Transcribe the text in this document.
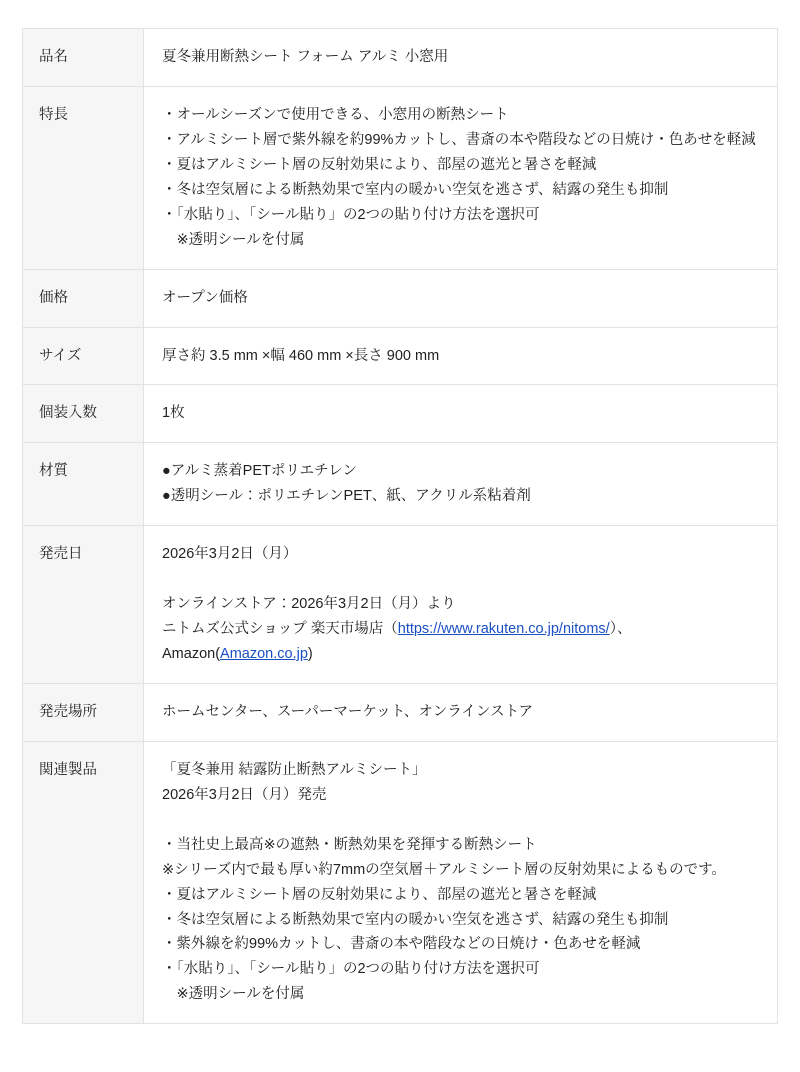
品名	夏冬兼用断熱シート フォーム アルミ 小窓用

特長	・オールシーズンで使用できる、小窓用の断熱シート
・アルミシート層で紫外線を約99%カットし、書斎の本や階段などの日焼け・色あせを軽減
・夏はアルミシート層の反射効果により、部屋の遮光と暑さを軽減
・冬は空気層による断熱効果で室内の暖かい空気を逃さず、結露の発生も抑制
・「水貼り」、「シール貼り」の2つの貼り付け方法を選択可
　※透明シールを付属

価格	オープン価格

サイズ	厚さ約 3.5 mm ×幅 460 mm ×長さ 900 mm

個装入数	1枚

材質	●アルミ蒸着PETポリエチレン
●透明シール：ポリエチレンPET、紙、アクリル系粘着剤

発売日	2026年3月2日（月）
オンラインストア：2026年3月2日（月）より
ニトムズ公式ショップ 楽天市場店（https://www.rakuten.co.jp/nitoms/）、
Amazon(Amazon.co.jp)

発売場所	ホームセンター、スーパーマーケット、オンラインストア

関連製品	「夏冬兼用 結露防止断熱アルミシート」
2026年3月2日（月）発売
・当社史上最高※の遮熱・断熱効果を発揮する断熱シート
※シリーズ内で最も厚い約7mmの空気層＋アルミシート層の反射効果によるものです。
・夏はアルミシート層の反射効果により、部屋の遮光と暑さを軽減
・冬は空気層による断熱効果で室内の暖かい空気を逃さず、結露の発生も抑制
・紫外線を約99%カットし、書斎の本や階段などの日焼け・色あせを軽減
・「水貼り」、「シール貼り」の2つの貼り付け方法を選択可
　※透明シールを付属
